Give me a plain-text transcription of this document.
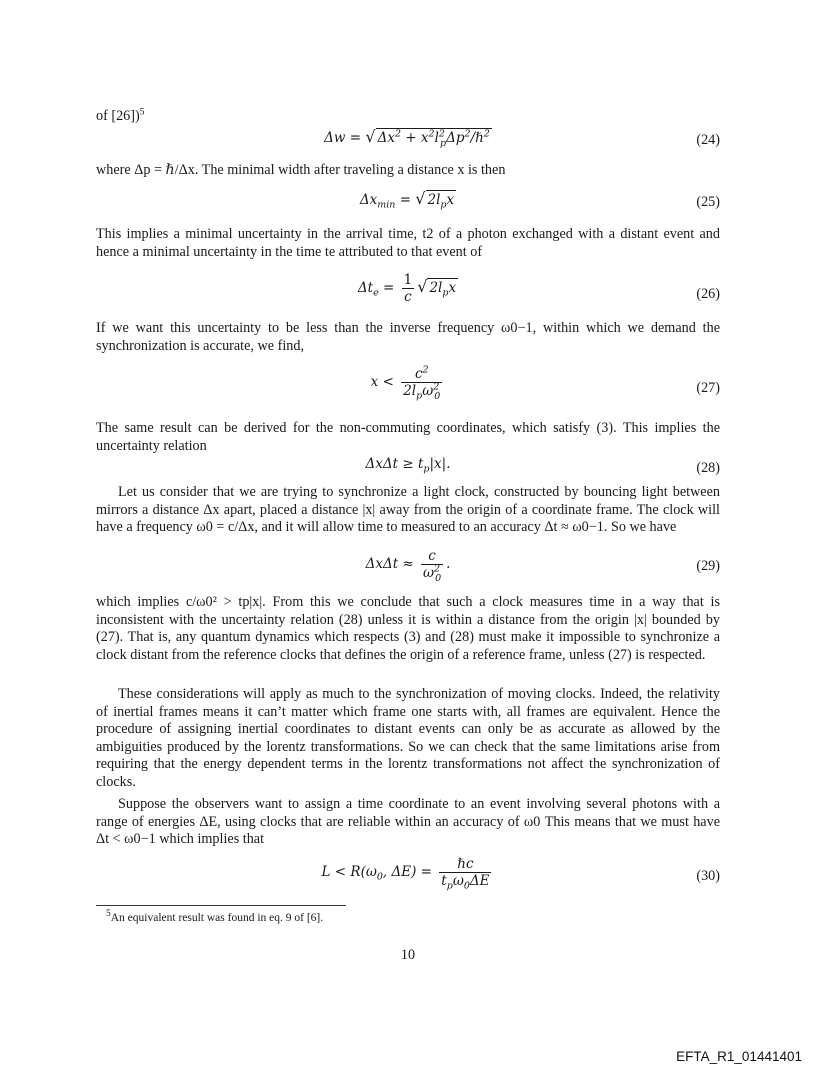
of [26])$^5$
Δw = √ $\Delta x^2$ + $x^2l^2_p\Delta p^2/\hbar^2$	(24)

where Δp = ℏ/Δx. The minimal width after traveling a distance x is then

$\Delta x_{min}$ = √ $2l_px$	(25)

This implies a minimal uncertainty in the arrival time, t2 of a photon exchanged with a distant event and hence a minimal uncertainty in the time te attributed to that event of

$\Delta t_e = \frac{1}{c}$ √ $2l_px$	(26)

If we want this uncertainty to be less than the inverse frequency ω0−1, within which we demand the synchronization is accurate, we find,

$x < \frac{c^2}{2l_p\omega^2_0}$	(27)

The same result can be derived for the non-commuting coordinates, which satisfy (3). This implies the uncertainty relation

$\Delta x\Delta t \ge t_p|x|$.	(28)

Let us consider that we are trying to synchronize a light clock, constructed by bouncing light between mirrors a distance Δx apart, placed a distance |x| away from the origin of a coordinate frame. The clock will have a frequency ω0 = c/Δx, and it will allow time to measured to an accuracy Δt ≈ ω0−1. So we have

$\Delta x\Delta t \approx \frac{c}{\omega^2_0}$ .	(29)

which implies c/ω0² > tp|x|. From this we conclude that such a clock measures time in a way that is inconsistent with the uncertainty relation (28) unless it is within a distance from the origin |x| bounded by (27). That is, any quantum dynamics which respects (3) and (28) must make it impossible to synchronize a clock distant from the reference clocks that defines the origin of a reference frame, unless (27) is respected.

These considerations will apply as much to the synchronization of moving clocks. Indeed, the relativity of inertial frames means it can’t matter which frame one starts with, all frames are equivalent. Hence the procedure of assigning inertial coordinates to distant events can only be as accurate as allowed by the ambiguities produced by the lorentz transformations. So we can check that the same limitations arise from requiring that the energy dependent terms in the lorentz transformations not affect the synchronization of clocks.

Suppose the observers want to assign a time coordinate to an event involving several photons with a range of energies ΔE, using clocks that are reliable within an accuracy of ω0 This means that we must have Δt < ω0−1 which implies that

$L < R(\omega_0$, $\Delta E) = \frac{\text{ℏc}}{t_p\omega_0\Delta E}$	(30)
$^5$An equivalent result was found in eq. 9 of [6].
10
EFTA_R1_01441401
